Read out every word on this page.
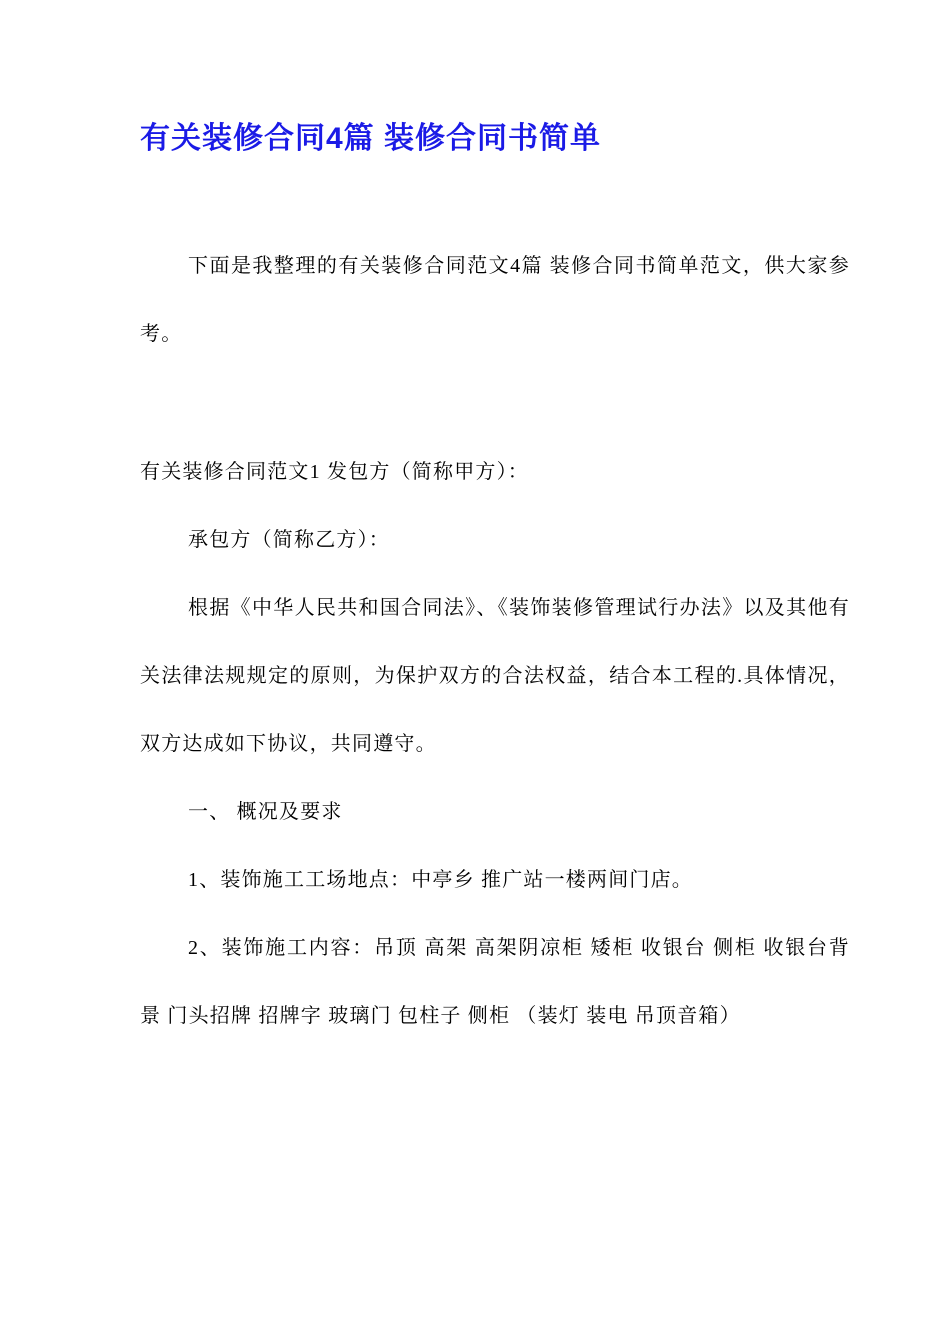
有关装修合同4篇 装修合同书简单

下面是我整理的有关装修合同范文4篇 装修合同书简单范文，供大家参考。

有关装修合同范文1 发包方（简称甲方）：

承包方（简称乙方）：

根据《中华人民共和国合同法》、《装饰装修管理试行办法》以及其他有关法律法规规定的原则，为保护双方的合法权益，结合本工程的.具体情况，双方达成如下协议，共同遵守。

一、 概况及要求

1、装饰施工工场地点：中亭乡 推广站一楼两间门店。

2、装饰施工内容：吊顶 高架 高架阴凉柜 矮柜 收银台 侧柜 收银台背景 门头招牌 招牌字 玻璃门 包柱子 侧柜 （装灯 装电 吊顶音箱）
